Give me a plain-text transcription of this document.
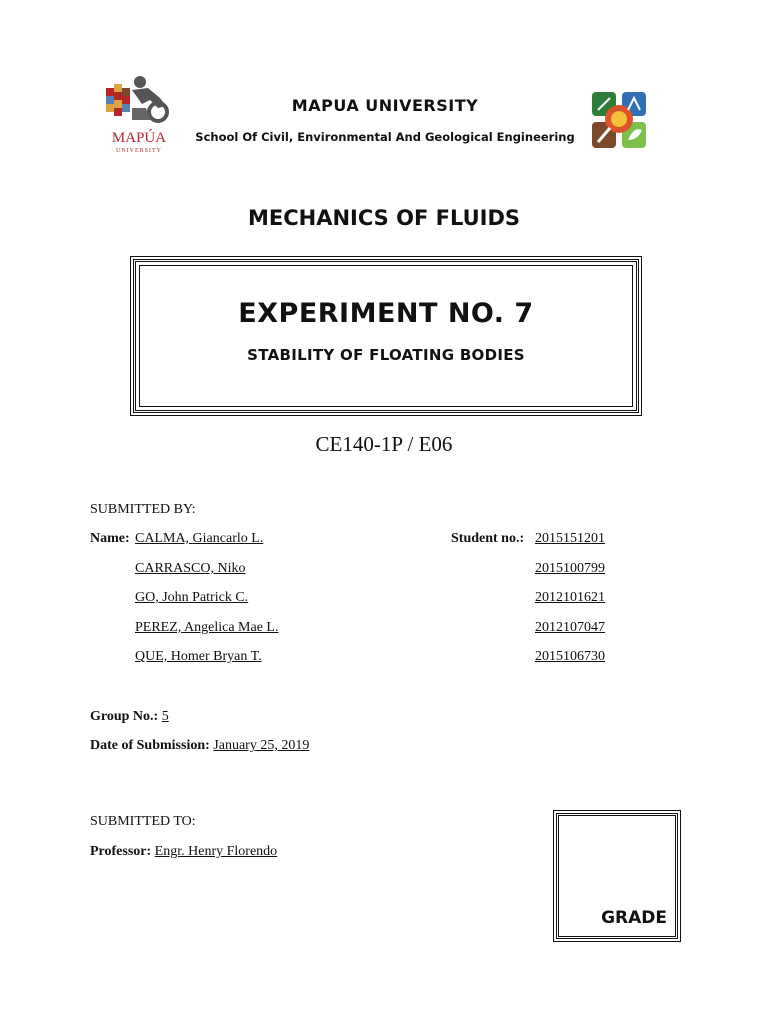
MAPÚA
UNIVERSITY
MAPUA UNIVERSITY
School Of Civil, Environmental And Geological Engineering
MECHANICS OF FLUIDS
EXPERIMENT NO. 7
STABILITY OF FLOATING BODIES
CE140-1P / E06
SUBMITTED BY:
Name:	Student no.:
CALMA, Giancarlo L.	2015151201
CARRASCO, Niko	2015100799
GO, John Patrick C.	2012101621
PEREZ, Angelica Mae L.	2012107047
QUE, Homer Bryan T.	2015106730
Group No.: 5
Date of Submission: January 25, 2019
SUBMITTED TO:
Professor: Engr. Henry Florendo
GRADE
